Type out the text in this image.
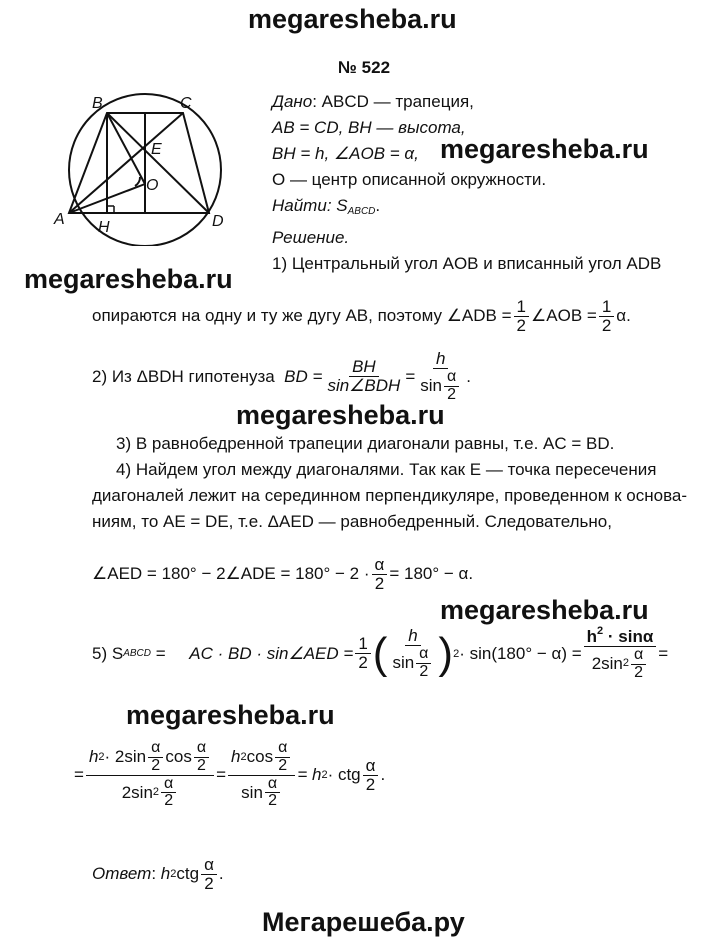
megaresheba.ru
megaresheba.ru
megaresheba.ru
megaresheba.ru
megaresheba.ru
megaresheba.ru
Мегарешеба.ру
№ 522
B	C
E
O
A H	D
Дано: ABCD — трапеция,
AB = CD, BH — высота,
BH = h, ∠AOB = α,
O — центр описанной окружности.
Найти: $S_{ABCD}$.
Решение.
1) Центральный угол AOB и вписанный угол ADB
опираются на одну и ту же дугу AB, поэтому ∠ADB = $\frac{1}{2}$ ∠AOB = $\frac{1}{2} \alpha$.
2) Из ΔBDH гипотенуза
BD = $\frac{BH}{\text{sin∠BDH}} = \frac{h}{\sin \frac{\alpha}{2}}$ .
3) В равнобедренной трапеции диагонали равны, т.е. AC = BD.
4) Найдем угол между диагоналями. Так как E — точка пересечения
диагоналей лежит на серединном перпендикуляре, проведенном к основа-
ниям, то AE = DE, т.е. ΔAED — равнобедренный. Следовательно,
∠AED = 180° − 2∠ADE = $180^\circ - 2 \cdot \frac{\alpha}{2} = 180^\circ - \alpha$.
5) S ABCD
=
AC · BD · sin∠AED = $\frac{1}{2}$ ( $\frac{h}{\sin \frac{\alpha}{2}}$ ) $2 \cdot \sin(180^\circ - \alpha) = \frac{h^2 \cdot \sin\alpha}{2\sin 2 \frac{\alpha}{2}}$ =
= $\frac{h 2 \cdot 2\sin \frac{\alpha}{2} \cos \frac{\alpha}{2}}{2\sin 2 \frac{\alpha}{2}} = \frac{h 2 \cos \frac{\alpha}{2}}{\sin \frac{\alpha}{2}} = h$ 2 · ctg $\frac{\alpha}{2}$ .
Ответ :
h 2 ctg $\frac{\alpha}{2}$ .
